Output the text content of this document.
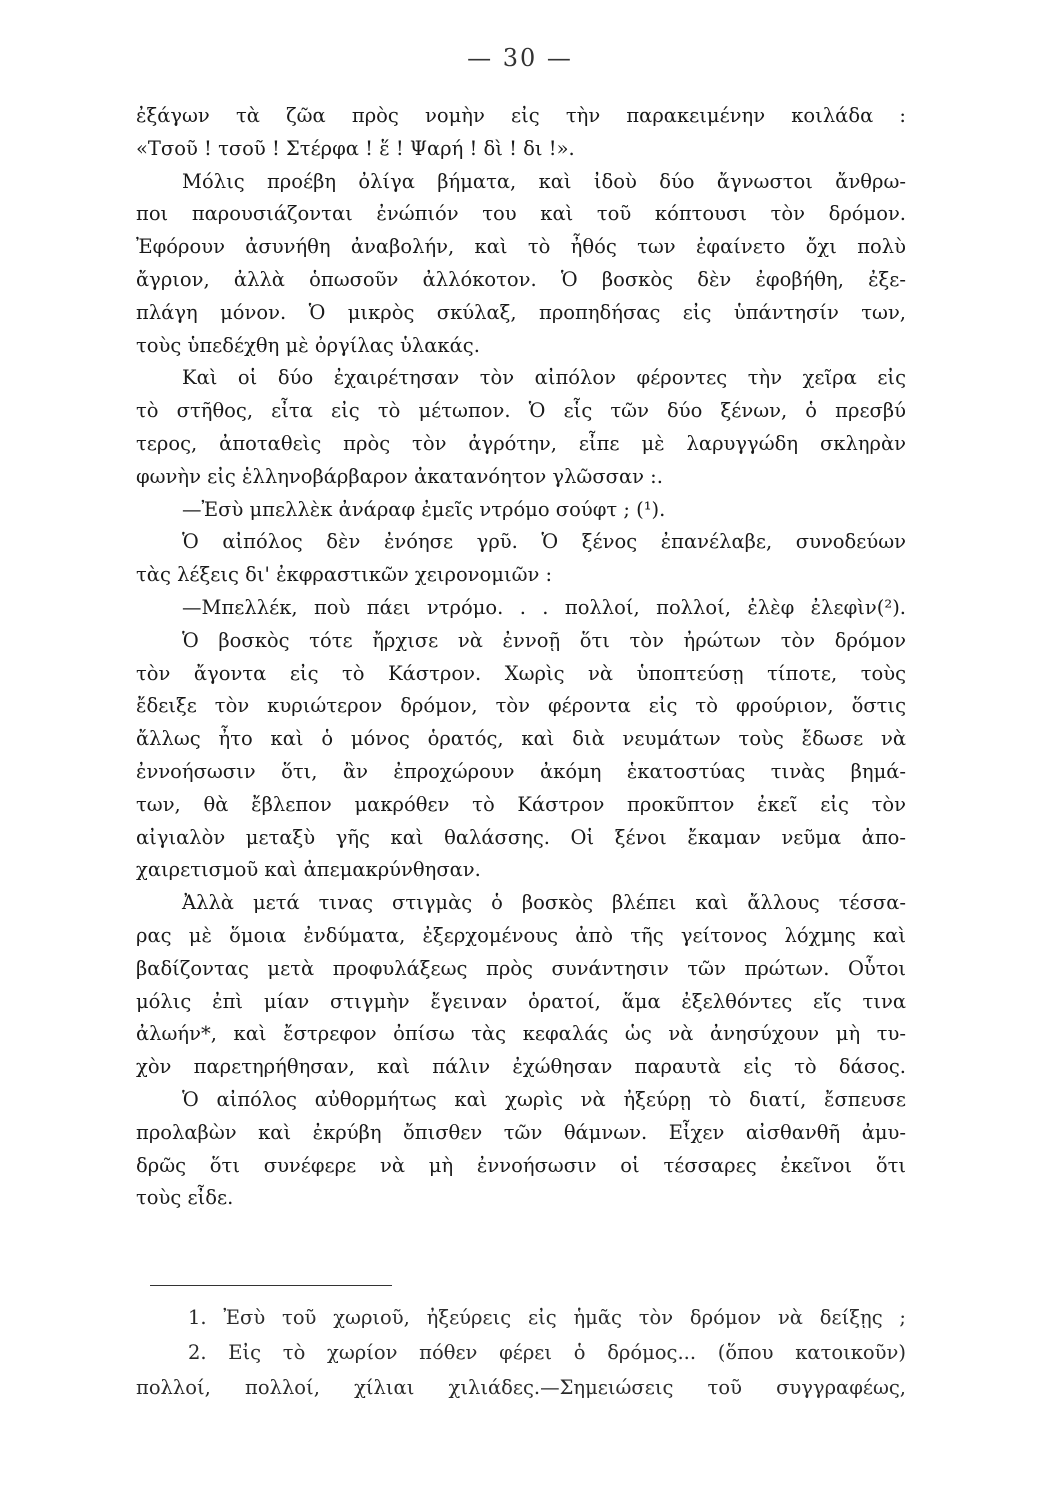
— 30 —
ἐξάγων τὰ ζῶα πρὸς νομὴν εἰς τὴν παρακειμένην κοιλάδα :
«Τσοῦ ! τσοῦ ! Στέρφα ! ἕ ! Ψαρή ! δὶ ! δι !».
Μόλις προέβη ὀλίγα βήματα, καὶ ἰδοὺ δύο ἄγνωστοι ἄνθρω-
ποι παρουσιάζονται ἐνώπιόν του καὶ τοῦ κόπτουσι τὸν δρόμον.
Ἐφόρουν ἀσυνήθη ἀναβολήν, καὶ τὸ ἦθός των ἐφαίνετο ὄχι πολὺ
ἄγριον, ἀλλὰ ὁπωσοῦν ἀλλόκοτον. Ὁ βοσκὸς δὲν ἐφοβήθη, ἐξε-
πλάγη μόνον. Ὁ μικρὸς σκύλαξ, προπηδήσας εἰς ὑπάντησίν των,
τοὺς ὑπεδέχθη μὲ ὀργίλας ὑλακάς.
Καὶ οἱ δύο ἐχαιρέτησαν τὸν αἰπόλον φέροντες τὴν χεῖρα εἰς
τὸ στῆθος, εἶτα εἰς τὸ μέτωπον. Ὁ εἷς τῶν δύο ξένων, ὁ πρεσβύ
τερος, ἀποταθεὶς πρὸς τὸν ἀγρότην, εἶπε μὲ λαρυγγώδη σκληρὰν
φωνὴν εἰς ἑλληνοβάρβαρον ἀκατανόητον γλῶσσαν :.
—Ἐσὺ μπελλὲκ ἀνάραφ ἐμεῖς ντρόμο σούφτ ; (¹).
Ὁ αἰπόλος δὲν ἐνόησε γρῦ. Ὁ ξένος ἐπανέλαβε, συνοδεύων
τὰς λέξεις δι' ἐκφραστικῶν χειρονομιῶν :
—Μπελλέκ, ποὺ πάει ντρόμο. . . πολλοί, πολλοί, ἐλὲφ ἐλεφὶν(²).
Ὁ βοσκὸς τότε ἤρχισε νὰ ἐννοῇ ὅτι τὸν ἠρώτων τὸν δρόμον
τὸν ἄγοντα εἰς τὸ Κάστρον. Χωρὶς νὰ ὑποπτεύσῃ τίποτε, τοὺς
ἔδειξε τὸν κυριώτερον δρόμον, τὸν φέροντα εἰς τὸ φρούριον, ὅστις
ἄλλως ἦτο καὶ ὁ μόνος ὁρατός, καὶ διὰ νευμάτων τοὺς ἔδωσε νὰ
ἐννοήσωσιν ὅτι, ἂν ἐπροχώρουν ἀκόμη ἑκατοστύας τινὰς βημά-
των, θὰ ἔβλεπον μακρόθεν τὸ Κάστρον προκῦπτον ἐκεῖ εἰς τὸν
αἰγιαλὸν μεταξὺ γῆς καὶ θαλάσσης. Οἱ ξένοι ἔκαμαν νεῦμα ἀπο-
χαιρετισμοῦ καὶ ἀπεμακρύνθησαν.
Ἀλλὰ μετά τινας στιγμὰς ὁ βοσκὸς βλέπει καὶ ἄλλους τέσσα-
ρας μὲ ὅμοια ἐνδύματα, ἐξερχομένους ἀπὸ τῆς γείτονος λόχμης καὶ
βαδίζοντας μετὰ προφυλάξεως πρὸς συνάντησιν τῶν πρώτων. Οὗτοι
μόλις ἐπὶ μίαν στιγμὴν ἔγειναν ὁρατοί, ἅμα ἐξελθόντες εἴς τινα
ἀλωήν*, καὶ ἔστρεφον ὀπίσω τὰς κεφαλάς ὡς νὰ ἀνησύχουν μὴ τυ-
χὸν παρετηρήθησαν, καὶ πάλιν ἐχώθησαν παραυτὰ εἰς τὸ δάσος.
Ὁ αἰπόλος αὐθορμήτως καὶ χωρὶς νὰ ἠξεύρῃ τὸ διατί, ἔσπευσε
προλαβὼν καὶ ἐκρύβη ὄπισθεν τῶν θάμνων. Εἶχεν αἰσθανθῆ ἀμυ-
δρῶς ὅτι συνέφερε νὰ μὴ ἐννοήσωσιν οἱ τέσσαρες ἐκεῖνοι ὅτι
τοὺς εἶδε.
1. Ἐσὺ τοῦ χωριοῦ, ἠξεύρεις εἰς ἡμᾶς τὸν δρόμον νὰ δείξῃς ;
2. Εἰς τὸ χωρίον πόθεν φέρει ὁ δρόμος... (ὅπου κατοικοῦν)
πολλοί, πολλοί, χίλιαι χιλιάδες.—Σημειώσεις τοῦ συγγραφέως,
